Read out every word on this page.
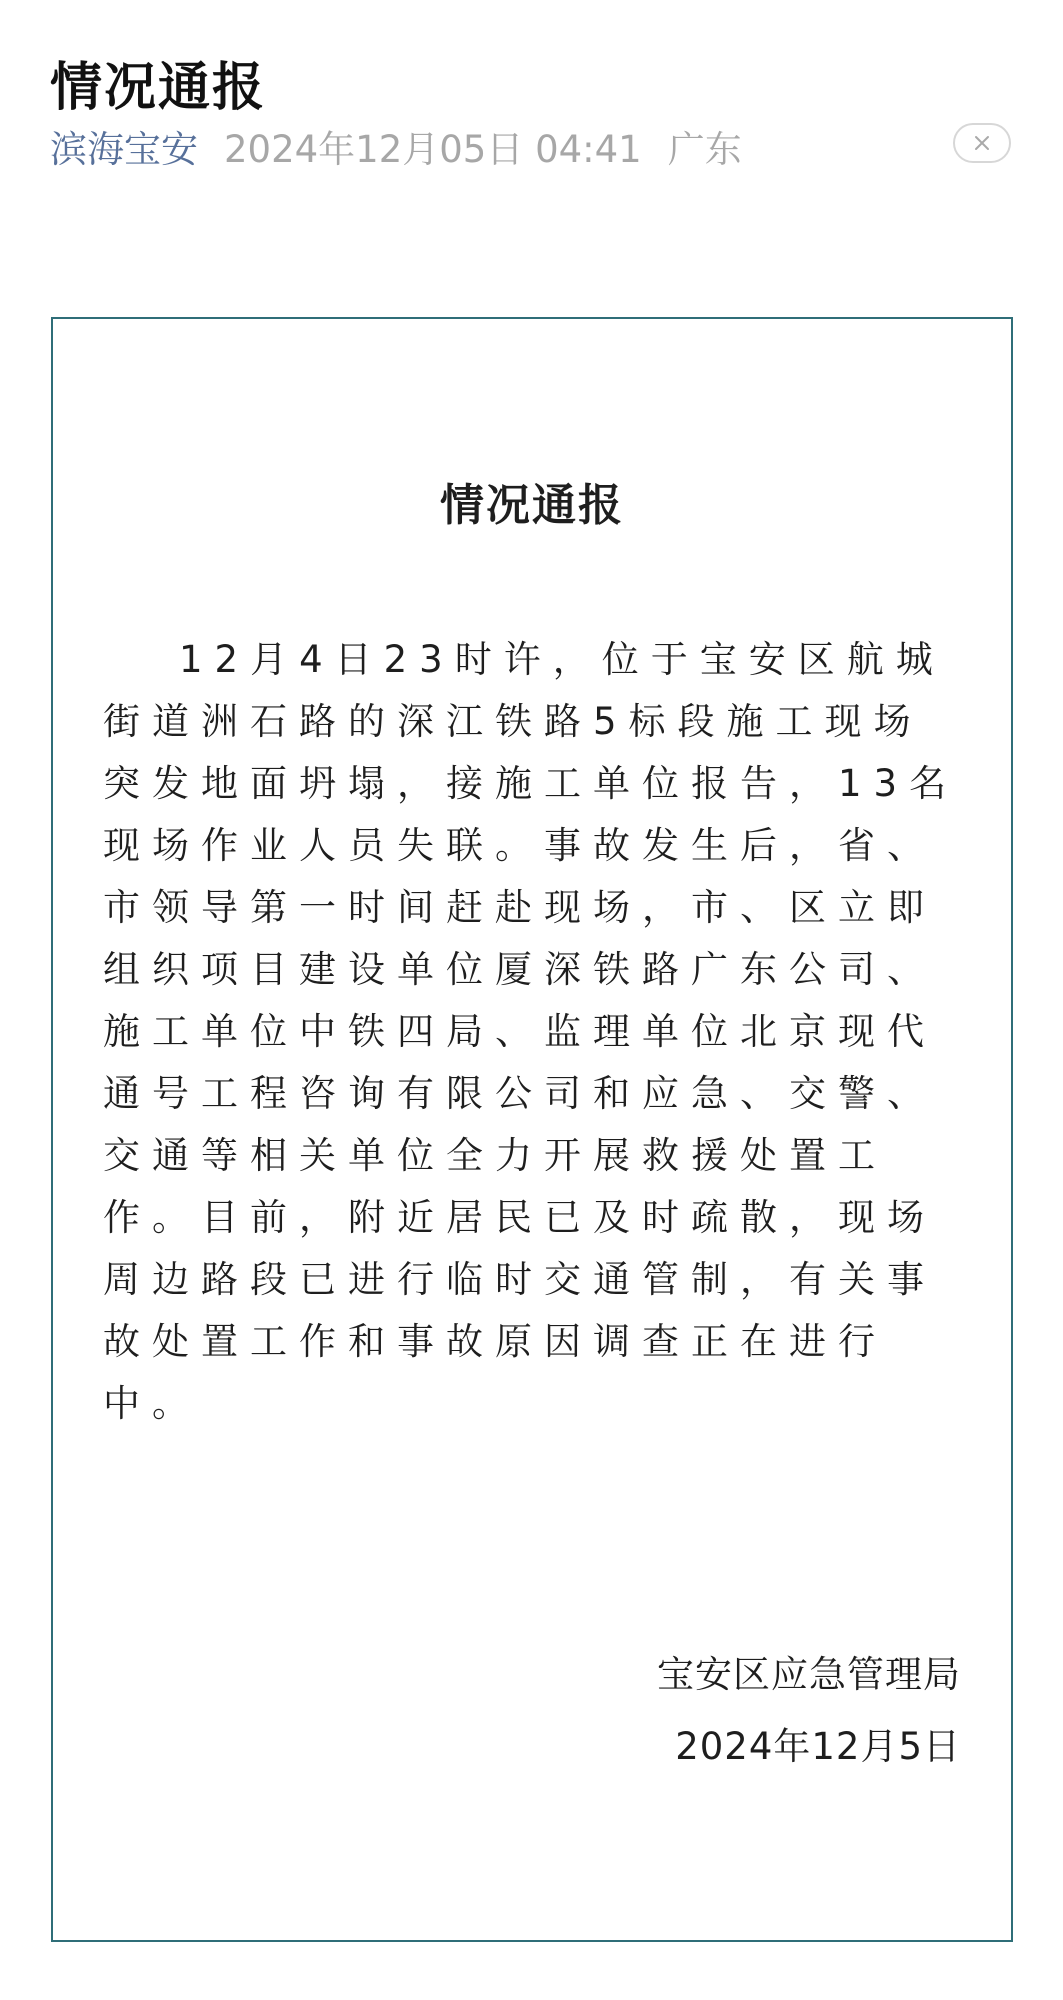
情况通报
滨海宝安 2024年12月05日 04:41 广东
情况通报

12月4日23时许，位于宝安区航城街道洲石路的深江铁路5标段施工现场突发地面坍塌，接施工单位报告，13名现场作业人员失联。事故发生后，省、市领导第一时间赶赴现场，市、区立即组织项目建设单位厦深铁路广东公司、施工单位中铁四局、监理单位北京现代通号工程咨询有限公司和应急、交警、交通等相关单位全力开展救援处置工作。目前，附近居民已及时疏散，现场周边路段已进行临时交通管制，有关事故处置工作和事故原因调查正在进行中。

宝安区应急管理局
2024年12月5日
